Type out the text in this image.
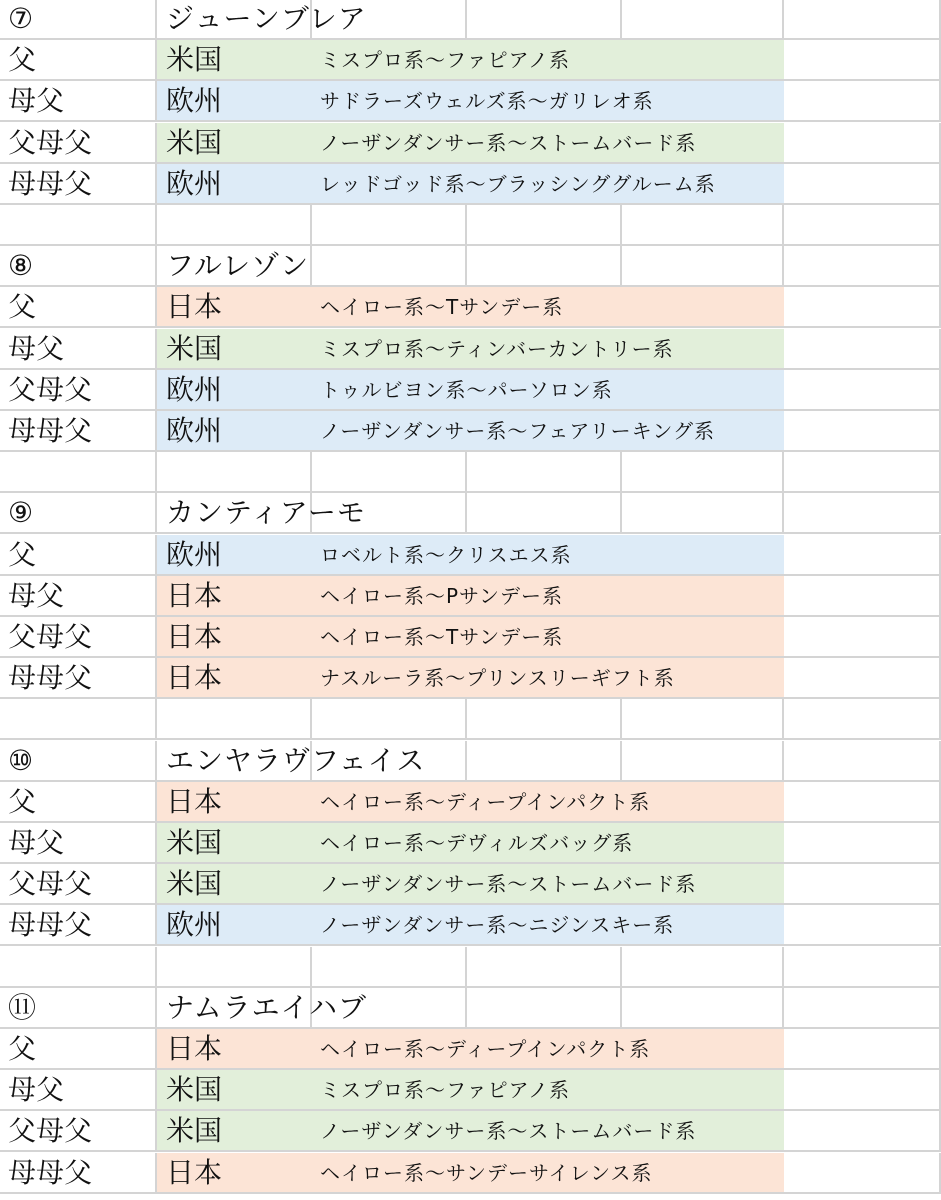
⑦	ジューンブレア
父	米国	ミスプロ系～ファピアノ系
母父	欧州	サドラーズウェルズ系～ガリレオ系
父母父	米国	ノーザンダンサー系～ストームバード系
母母父	欧州	レッドゴッド系～ブラッシンググルーム系
⑧	フルレゾン
父	日本	ヘイロー系～Tサンデー系
母父	米国	ミスプロ系～ティンバーカントリー系
父母父	欧州	トゥルビヨン系～パーソロン系
母母父	欧州	ノーザンダンサー系～フェアリーキング系
⑨	カンティアーモ
父	欧州	ロベルト系～クリスエス系
母父	日本	ヘイロー系～Pサンデー系
父母父	日本	ヘイロー系～Tサンデー系
母母父	日本	ナスルーラ系～プリンスリーギフト系
⑩	エンヤラヴフェイス
父	日本	ヘイロー系～ディープインパクト系
母父	米国	ヘイロー系～デヴィルズバッグ系
父母父	米国	ノーザンダンサー系～ストームバード系
母母父	欧州	ノーザンダンサー系～ニジンスキー系
⑪	ナムラエイハブ
父	日本	ヘイロー系～ディープインパクト系
母父	米国	ミスプロ系～ファピアノ系
父母父	米国	ノーザンダンサー系～ストームバード系
母母父	日本	ヘイロー系～サンデーサイレンス系
